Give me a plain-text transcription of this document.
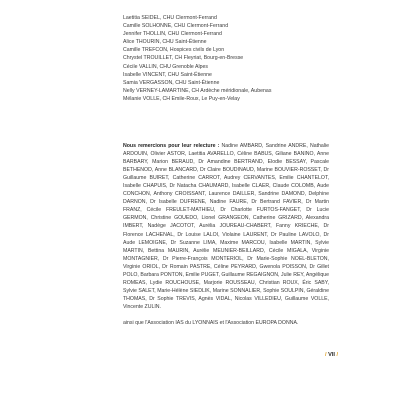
Laetitia SEIDEL, CHU Clermont-Ferrand
Camille SOLHONNE, CHU Clermont-Ferrand
Jennifer THOLLIN, CHU Clermont-Ferrand
Alice THOURIN, CHU Saint-Étienne
Camille TREFCON, Hospices civils de Lyon
Chrystel TROUILLET, CH Fleyriat, Bourg-en-Bresse
Cécile VALLIN, CHU Grenoble Alpes
Isabelle VINCENT, CHU Saint-Étienne
Samia VERGASSON, CHU Saint-Étienne
Nelly VERNEY-LAMARTINE, CH Ardèche méridionale, Aubenas
Mélanie VOLLE, CH Emile-Roux, Le Puy-en-Velay

Nous remercions pour leur relecture : Nadine AMBARD, Sandrine ANDRE, Nathalie ARDOUIN, Olivier ASTOR, Laetitia AVARELLO, Céline BABUS, Giliane BANINO, Anne BARBARY, Marion BERAUD, Dr Amandine BERTRAND, Elodie BESSAY, Pascale BETHENOD, Anne BLANCARD, Dr Claire BOUDINAUD, Marine BOUVIER-ROSSET, Dr Guillaume BUIRET, Catherine CARROT, Audrey CERVANTES, Emilie CHANTELOT, Isabelle CHAPUIS, Dr Natacha CHAUMARD, Isabelle CLAER, Claude COLOMB, Aude CONCHON, Anthony CROISSANT, Laurence DAILLER, Sandrine DAMOND, Delphine DARNON, Dr Isabelle DUFRENE, Nadine FAURE, Dr Bertrand FAVIER, Dr Martin FRANZ, Cécile FREULET-MATHIEU, Dr Charlotte FURTOS-FANGET, Dr Lucie GERMON, Christine GOUEDO, Lionel GRANGEON, Catherine GRIZARD, Alexandra IMBERT, Nadège JACOTOT, Aurélia JOUREAU-CHABERT, Fanny KRIECHE, Dr Florence LACHENAL, Dr Louise LALOI, Violaine LAURENT, Dr Pauline LAVOLO, Dr Aude LEMOIGNE, Dr Suzanne LIMA, Maxime MARCOU, Isabelle MARTIN, Sylvie MARTIN, Bettina MAURIN, Aurélie MEUNIER-BEILLARD, Cécile MIGALA, Virginie MONTAGNIER, Dr Pierre-François MONTERIOL, Dr Marie-Sophie NOEL-BLETON, Virginie ORIOL, Dr Romain PASTRE, Céline PEYRARD, Gwenola POISSON, Dr Gillet POLO, Barbara PONTON, Emilie PUGET, Guillaume REGAIGNON, Julie REY, Angélique ROMEAS, Lydie ROUCHOUSE, Marjorie ROUSSEAU, Christian ROUX, Éric SABY, Sylvie SALET, Marie-Hélène SIEDLIK, Marine SONNALIER, Sophie SOULPIN, Géraldine THOMAS, Dr Sophie TREVIS, Agnès VIDAL, Nicolas VILLEDIEU, Guillaume VOLLE, Vincente ZULIN.

ainsi que l'Association IAS du LYONNAIS et l'Association EUROPA DONNA.

/ VII /
